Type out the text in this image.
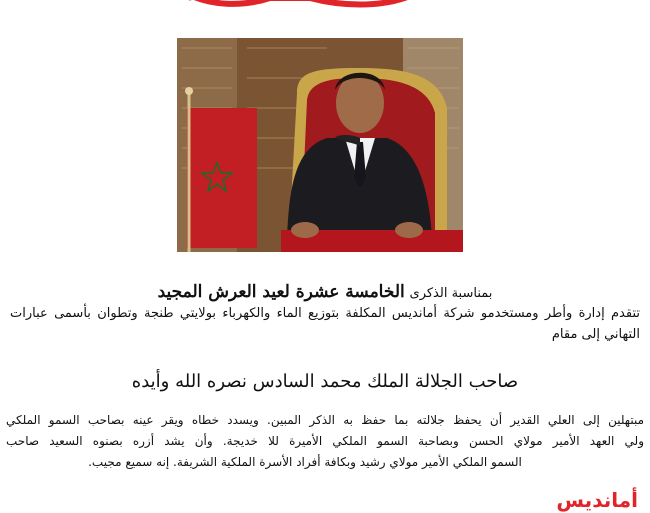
بمناسبة الذكرى الخامسة عشرة لعيد العرش المجيد
تتقدم إدارة وأطر ومستخدمو شركة أمانديس المكلفة بتوزيع الماء والكهرباء بولايتي طنجة وتطوان بأسمى عبارات
التهاني إلى مقام
صاحب الجلالة الملك محمد السادس نصره الله وأيده
مبتهلين إلى العلي القدير أن يحفظ جلالته بما حفظ به الذكر المبين. ويسدد خطاه ويقر عينه بصاحب السمو الملكي
ولي العهد الأمير مولاي الحسن وبصاحبة السمو الملكي الأميرة للا خديجة. وأن يشد أزره بصنوه السعيد صاحب
السمو الملكي الأمير مولاي رشيد وبكافة أفراد الأسرة الملكية الشريفة. إنه سميع مجيب.
أمانديس
